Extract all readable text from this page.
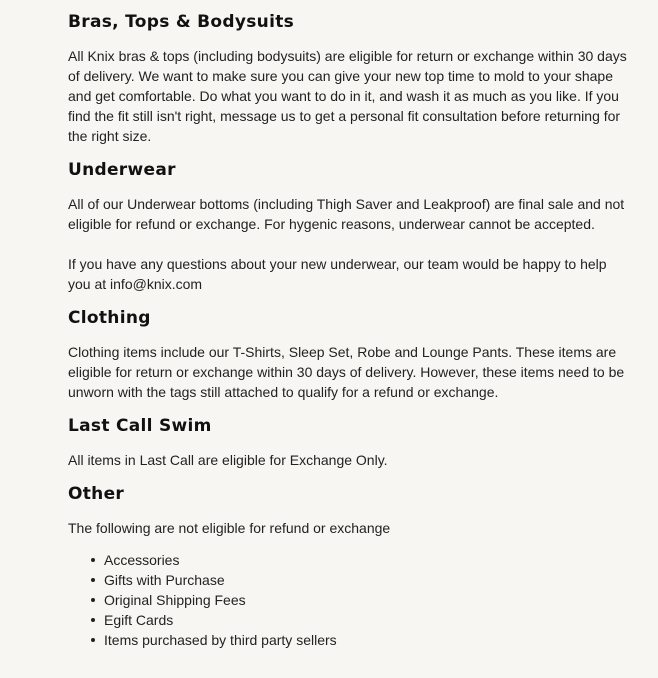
Bras, Tops & Bodysuits

All Knix bras & tops (including bodysuits) are eligible for return or exchange within 30 days of delivery. We want to make sure you can give your new top time to mold to your shape and get comfortable. Do what you want to do in it, and wash it as much as you like. If you find the fit still isn't right, message us to get a personal fit consultation before returning for the right size.

Underwear

All of our Underwear bottoms (including Thigh Saver and Leakproof) are final sale and not eligible for refund or exchange. For hygenic reasons, underwear cannot be accepted.

If you have any questions about your new underwear, our team would be happy to help you at info@knix.com

Clothing

Clothing items include our T-Shirts, Sleep Set, Robe and Lounge Pants. These items are eligible for return or exchange within 30 days of delivery. However, these items need to be unworn with the tags still attached to qualify for a refund or exchange.

Last Call Swim

All items in Last Call are eligible for Exchange Only.

Other

The following are not eligible for refund or exchange

Accessories
Gifts with Purchase
Original Shipping Fees
Egift Cards
Items purchased by third party sellers
